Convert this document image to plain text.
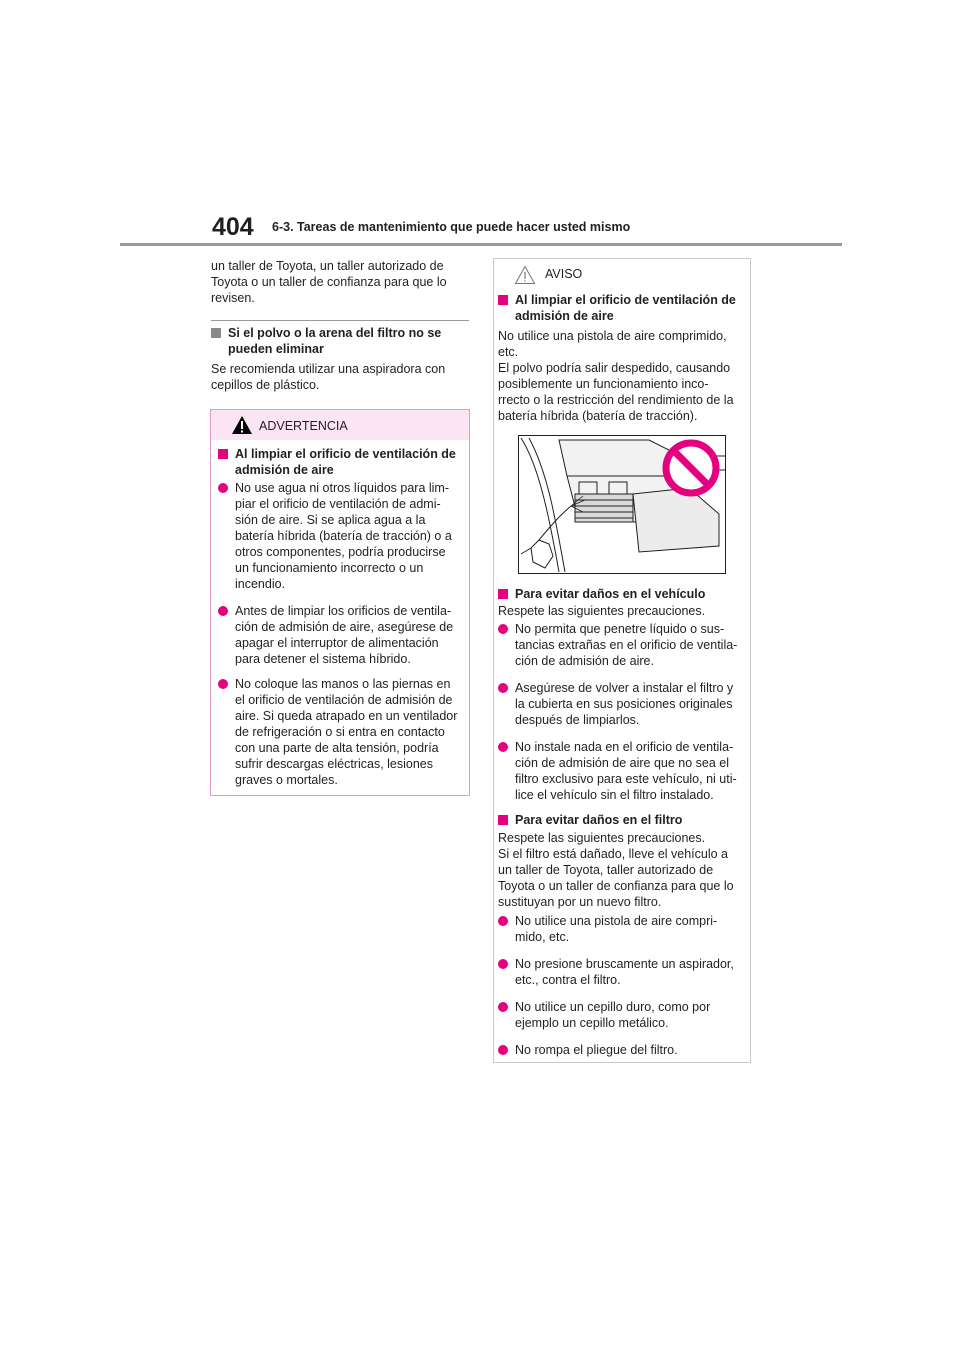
404 6-3. Tareas de mantenimiento que puede hacer usted mismo
un taller de Toyota, un taller autorizado de
Toyota o un taller de confianza para que lo
revisen.
Si el polvo o la arena del filtro no se
pueden eliminar
Se recomienda utilizar una aspiradora con
cepillos de plástico.
ADVERTENCIA
Al limpiar el orificio de ventilación de
admisión de aire
No use agua ni otros líquidos para lim-
piar el orificio de ventilación de admi-
sión de aire. Si se aplica agua a la
batería híbrida (batería de tracción) o a
otros componentes, podría producirse
un funcionamiento incorrecto o un
incendio.
Antes de limpiar los orificios de ventila-
ción de admisión de aire, asegúrese de
apagar el interruptor de alimentación
para detener el sistema híbrido.
No coloque las manos o las piernas en
el orificio de ventilación de admisión de
aire. Si queda atrapado en un ventilador
de refrigeración o si entra en contacto
con una parte de alta tensión, podría
sufrir descargas eléctricas, lesiones
graves o mortales.
AVISO
Al limpiar el orificio de ventilación de
admisión de aire
No utilice una pistola de aire comprimido,
etc.
El polvo podría salir despedido, causando
posiblemente un funcionamiento inco-
rrecto o la restricción del rendimiento de la
batería híbrida (batería de tracción).
Para evitar daños en el vehículo
Respete las siguientes precauciones.
No permita que penetre líquido o sus-
tancias extrañas en el orificio de ventila-
ción de admisión de aire.
Asegúrese de volver a instalar el filtro y
la cubierta en sus posiciones originales
después de limpiarlos.
No instale nada en el orificio de ventila-
ción de admisión de aire que no sea el
filtro exclusivo para este vehículo, ni uti-
lice el vehículo sin el filtro instalado.
Para evitar daños en el filtro
Respete las siguientes precauciones.
Si el filtro está dañado, lleve el vehículo a
un taller de Toyota, taller autorizado de
Toyota o un taller de confianza para que lo
sustituyan por un nuevo filtro.
No utilice una pistola de aire compri-
mido, etc.
No presione bruscamente un aspirador,
etc., contra el filtro.
No utilice un cepillo duro, como por
ejemplo un cepillo metálico.
No rompa el pliegue del filtro.
